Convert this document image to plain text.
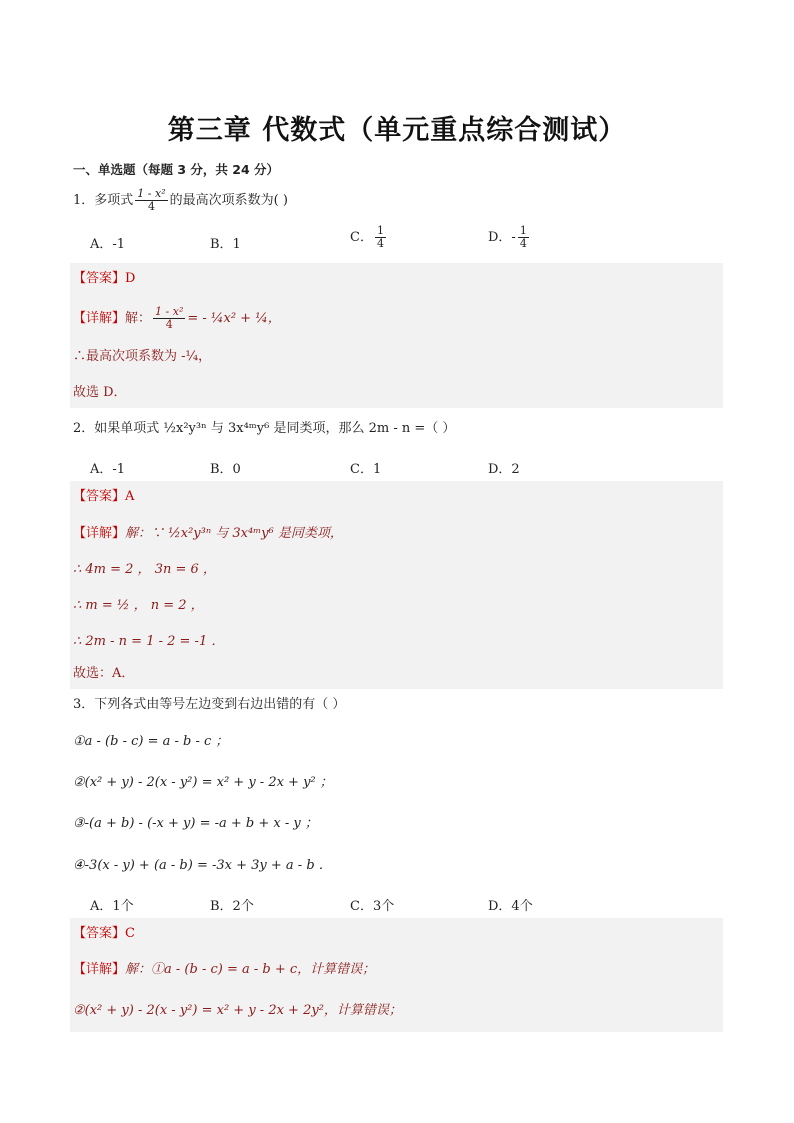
第三章 代数式（单元重点综合测试）
一、单选题（每题 3 分，共 24 分）
1．多项式 $\frac{\text{1 - x²}}{4}$ 的最高次项系数为( )
A．-1	B．1	C． $\frac{1}{4}$	D．- $\frac{1}{4}$
【答案】D
【详解】解： $\frac{\text{1 - x²}}{4}$ = - ¼x² + ¼，
∴最高次项系数为 -¼，
故选 D．
2．如果单项式 ½x²y³ⁿ 与 3x⁴ᵐy⁶ 是同类项，那么 2m - n =（ ）
A．-1	B．0	C．1	D．2
【答案】A
【详解】解：∵ ½x²y³ⁿ 与 3x⁴ᵐy⁶ 是同类项，
∴ 4m = 2 ， 3n = 6 ，
∴ m = ½ ， n = 2 ，
∴ 2m - n = 1 - 2 = -1 ．
故选：A．
3．下列各式由等号左边变到右边出错的有（ ）
①a - (b - c) = a - b - c ；
②(x² + y) - 2(x - y²) = x² + y - 2x + y² ；
③-(a + b) - (-x + y) = -a + b + x - y ；
④-3(x - y) + (a - b) = -3x + 3y + a - b ．
A．1个	B．2个	C．3个	D．4个
【答案】C
【详解】解：①a - (b - c) = a - b + c，计算错误；
②(x² + y) - 2(x - y²) = x² + y - 2x + 2y²，计算错误；
